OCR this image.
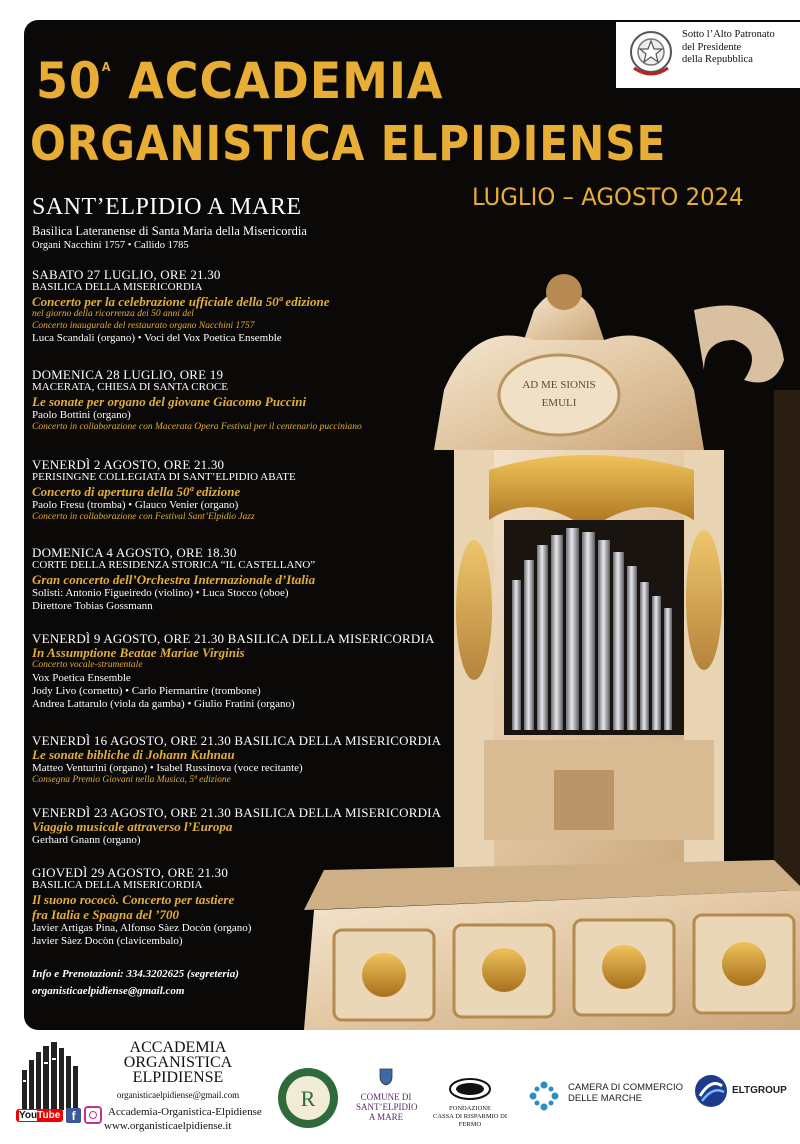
AD ME SIONIS
EMULI
Sotto l’Alto Patronato
del Presidente
della Repubblica
$50^A$ ACCADEMIA
ORGANISTICA ELPIDIENSE
LUGLIO – AGOSTO 2024
SANT’ELPIDIO A MARE
Basilica Lateranense di Santa Maria della Misericordia
Organi Nacchini 1757 • Callido 1785
SABATO 27 LUGLIO, ORE 21.30
BASILICA DELLA MISERICORDIA
Concerto per la celebrazione ufficiale della 50ª edizione
nel giorno della ricorrenza dei 50 anni del
Concerto inaugurale del restaurato organo Nacchini 1757
Luca Scandali (organo) • Voci del Vox Poetica Ensemble
DOMENICA 28 LUGLIO, ORE 19
MACERATA, CHIESA DI SANTA CROCE
Le sonate per organo del giovane Giacomo Puccini
Paolo Bottini (organo)
Concerto in collaborazione con Macerata Opera Festival per il centenario pucciniano
VENERDÌ 2 AGOSTO, ORE 21.30
PERISINGNE COLLEGIATA DI SANT’ELPIDIO ABATE
Concerto di apertura della 50ª edizione
Paolo Fresu (tromba) • Glauco Venier (organo)
Concerto in collaborazione con Festival Sant’Elpidio Jazz
DOMENICA 4 AGOSTO, ORE 18.30
CORTE DELLA RESIDENZA STORICA “IL CASTELLANO”
Gran concerto dell’Orchestra Internazionale d’Italia
Solisti: Antonio Figueiredo (violino) • Luca Stocco (oboe)
Direttore Tobias Gossmann
VENERDÌ 9 AGOSTO, ORE 21.30 BASILICA DELLA MISERICORDIA
In Assumptione Beatae Mariae Virginis
Concerto vocale-strumentale
Vox Poetica Ensemble
Jody Livo (cornetto) • Carlo Piermartire (trombone)
Andrea Lattarulo (viola da gamba) • Giulio Fratini (organo)
VENERDÌ 16 AGOSTO, ORE 21.30 BASILICA DELLA MISERICORDIA
Le sonate bibliche di Johann Kuhnau
Matteo Venturini (organo) • Isabel Russinova (voce recitante)
Consegna Premio Giovani nella Musica, 5ª edizione
VENERDÌ 23 AGOSTO, ORE 21.30 BASILICA DELLA MISERICORDIA
Viaggio musicale attraverso l’Europa
Gerhard Gnann (organo)
GIOVEDÌ 29 AGOSTO, ORE 21.30
BASILICA DELLA MISERICORDIA
Il suono rococò. Concerto per tastiere
fra Italia e Spagna del ’700
Javier Artigas Pina, Alfonso Sàez Docòn (organo)
Javier Sàez Docòn (clavicembalo)
Info e Prenotazioni: 334.3202625 (segreteria)
organisticaelpidiense@gmail.com
ACCADEMIA
ORGANISTICA
ELPIDIENSE
organisticaelpidiense@gmail.com
YouTube f	Accademia-Organistica-Elpidiense
www.organisticaelpidiense.it
R	COMUNE DI
SANT’ELPIDIO
A MARE

FONDAZIONE
CASSA DI RISPARMIO DI FERMO

CAMERA DI COMMERCIO
DELLE MARCHE
ELTGROUP
